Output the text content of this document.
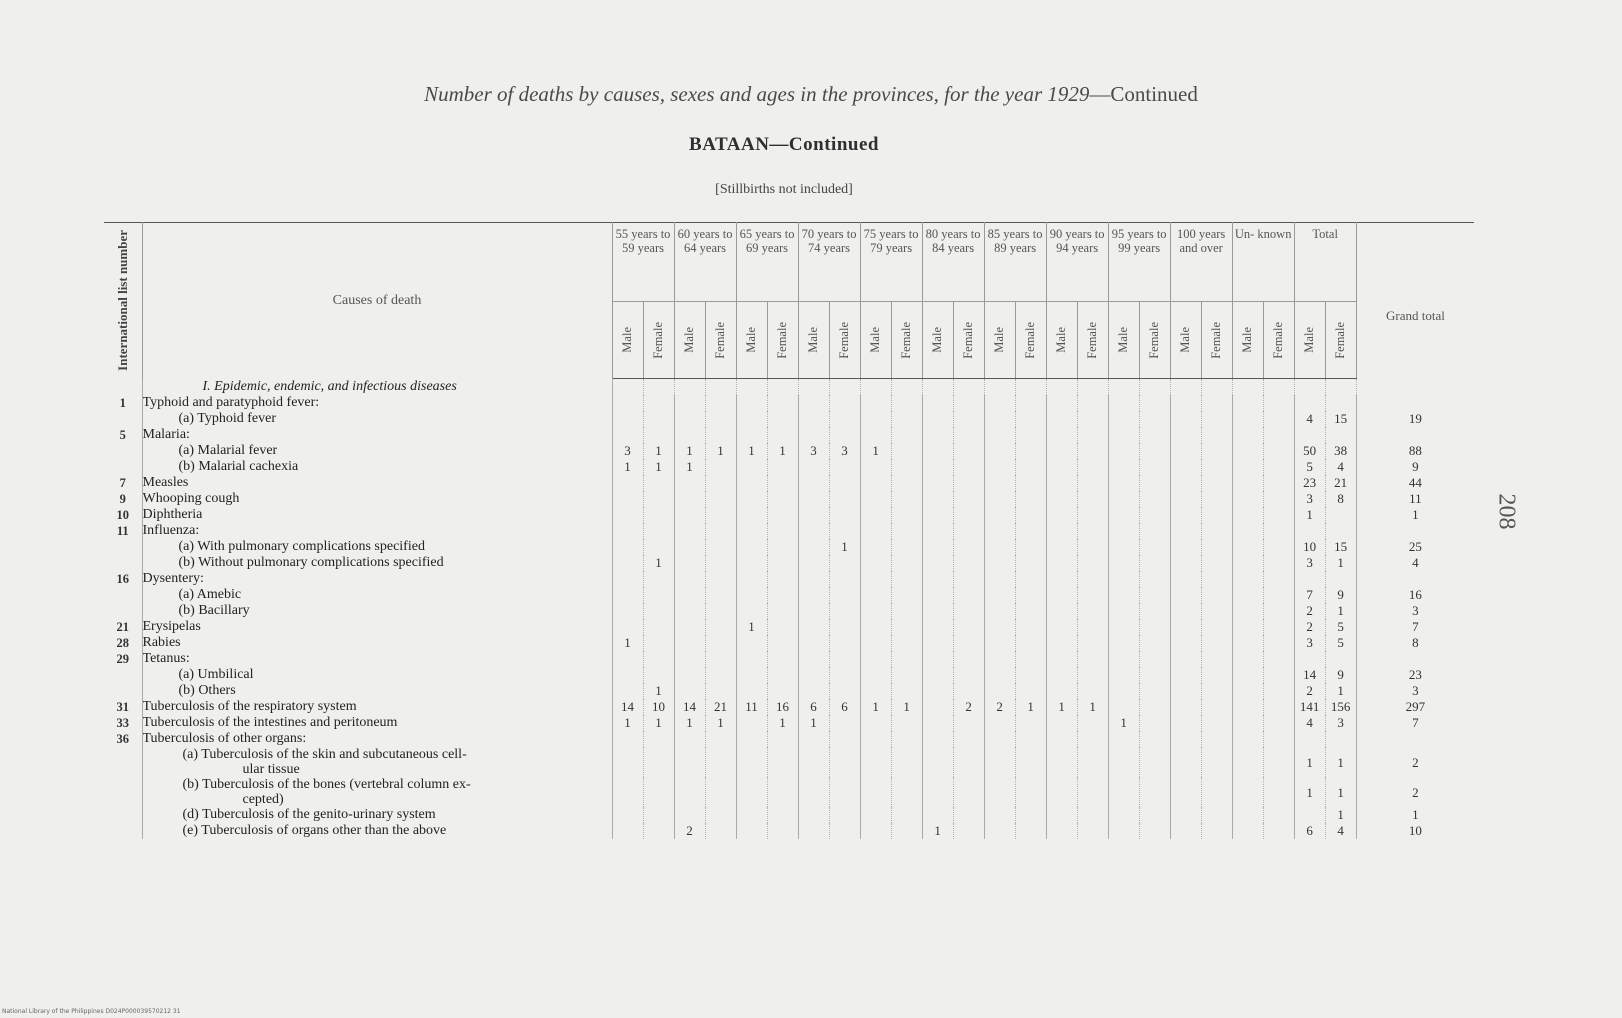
Number of deaths by causes, sexes and ages in the provinces, for the year 1929—Continued
BATAAN—Continued
[Stillbirths not included]
208
International list number	Causes of death	55 years to 59 years		60 years to 64 years		65 years to 69 years		70 years to 74 years		75 years to 79 years		80 years to 84 years		85 years to 89 years		90 years to 94 years		95 years to 99 years		100 years and over		Un- known		Total		Grand total

		Male	Female	Male	Female	Male	Female	Male	Female	Male	Female	Male	Female	Male	Female	Male	Female	Male	Female	Male	Female	Male	Female	Male	Female	

	I. Epidemic, endemic, and infectious diseases																									
1	Typhoid and paratyphoid fever:																									
	(a) Typhoid fever																							4	15	19
5	Malaria:																									
	(a) Malarial fever	3	1	1	1	1	1	3	3	1														50	38	88
	(b) Malarial cachexia	1	1	1																				5	4	9
7	Measles																							23	21	44
9	Whooping cough																							3	8	11
10	Diphtheria																							1		1
11	Influenza:																									
	(a) With pulmonary complications specified								1															10	15	25
	(b) Without pulmonary complications specified		1																					3	1	4
16	Dysentery:																									
	(a) Amebic																							7	9	16
	(b) Bacillary																							2	1	3
21	Erysipelas					1																		2	5	7
28	Rabies	1																						3	5	8
29	Tetanus:																									
	(a) Umbilical																							14	9	23
	(b) Others		1																					2	1	3
31	Tuberculosis of the respiratory system	14	10	14	21	11	16	6	6	1	1		2	2	1	1	1							141	156	297
33	Tuberculosis of the intestines and peritoneum	1	1	1	1		1	1										1						4	3	7
36	Tuberculosis of other organs:																									
	(a) Tuberculosis of the skin and subcutaneous cell-
ular tissue																							1	1	2
	(b) Tuberculosis of the bones (vertebral column ex-
cepted)																							1	1	2
	(d) Tuberculosis of the genito-urinary system																								1	1
	(e) Tuberculosis of organs other than the above			2								1												6	4	10
National Library of the Philippines D024P000039570212 31
